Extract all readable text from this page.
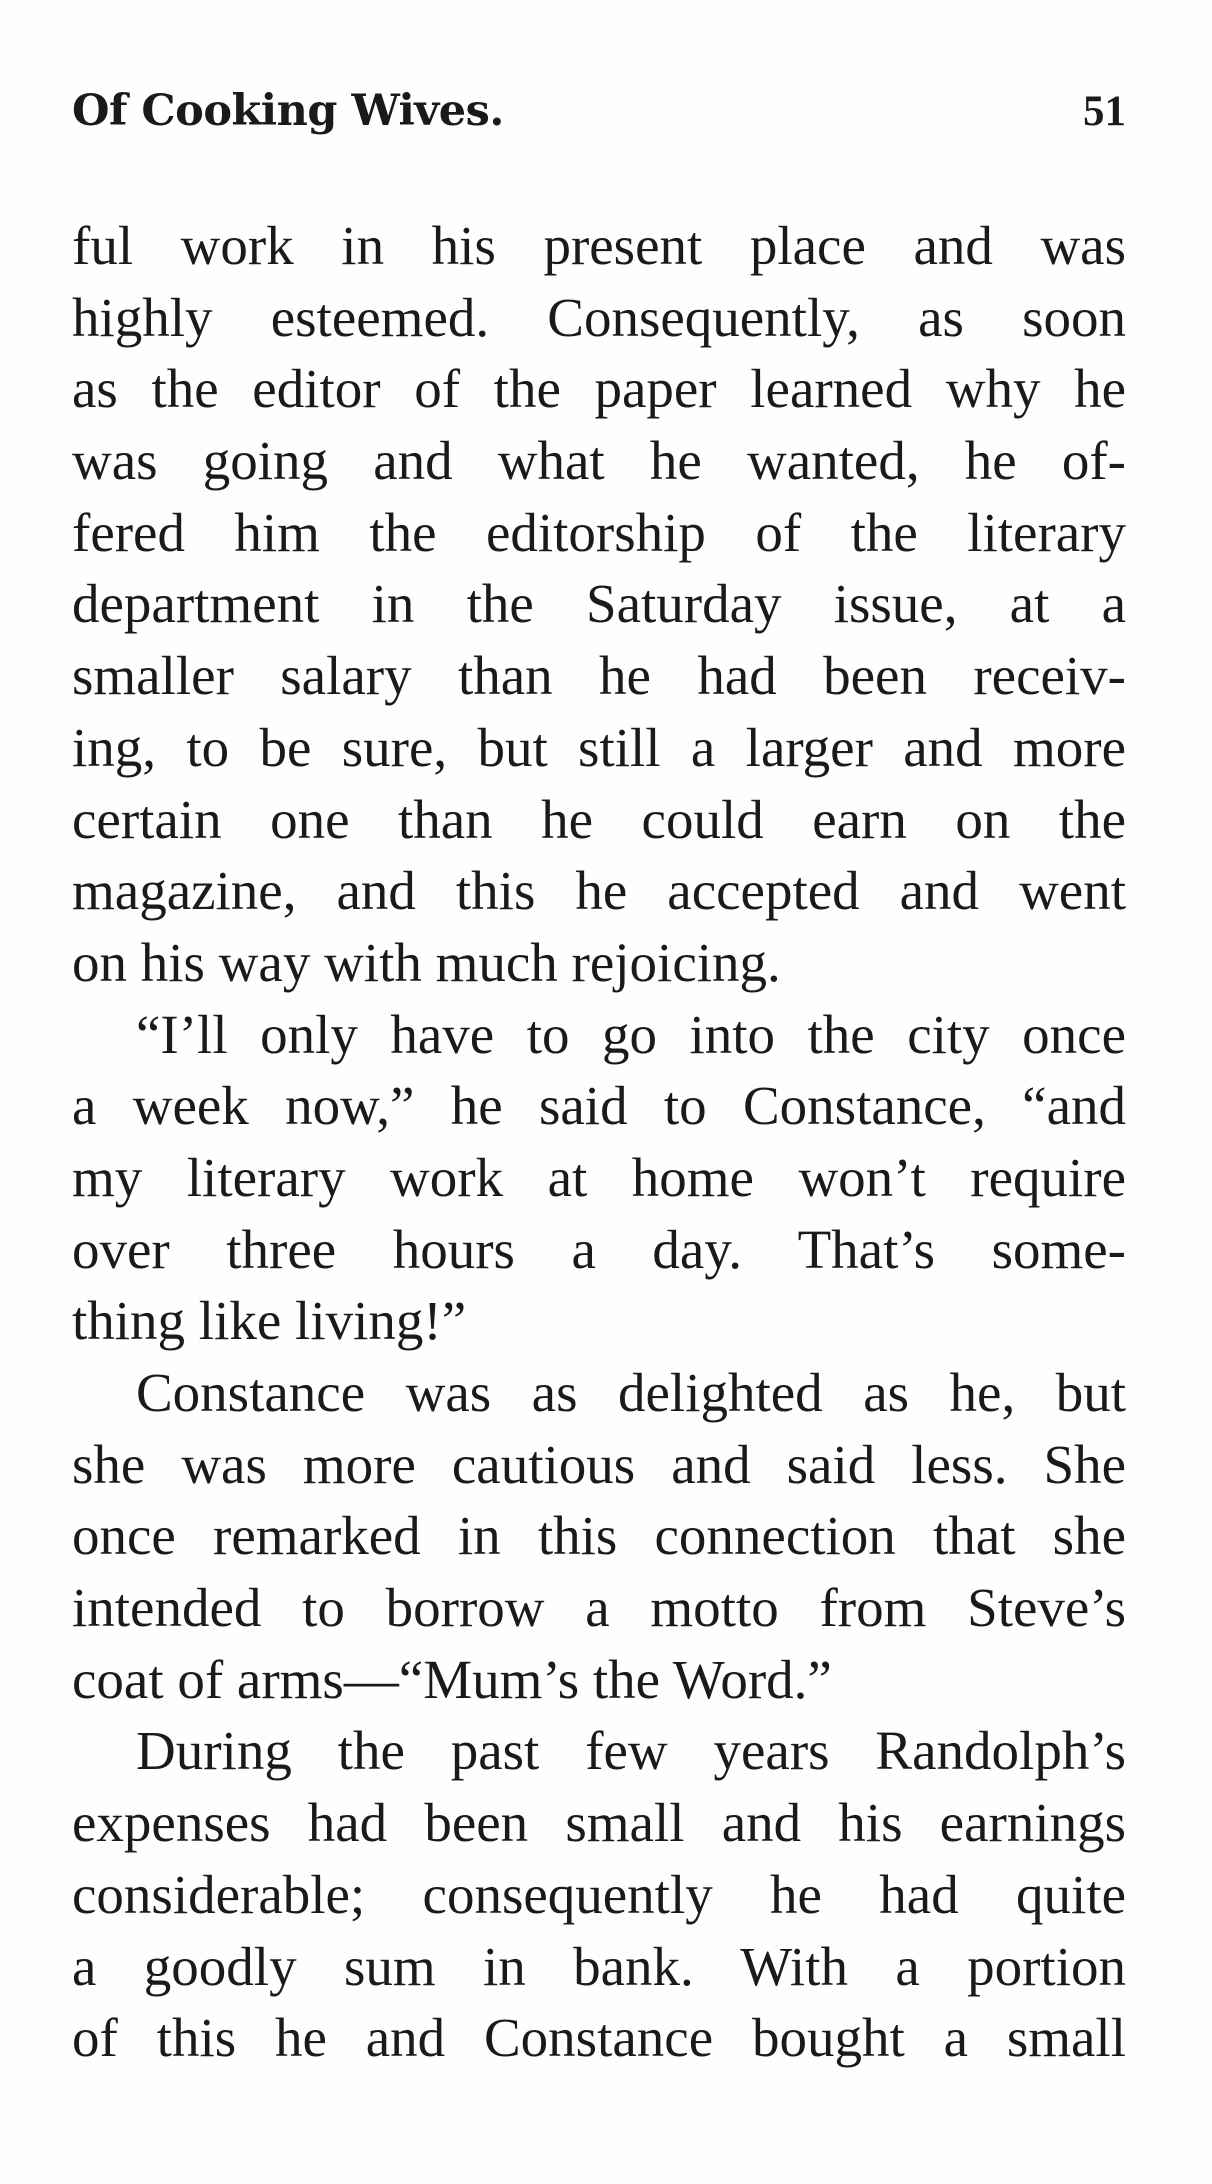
Of Cooking Wives.	51
ful work in his present place and was
highly esteemed. Consequently, as soon
as the editor of the paper learned why he
was going and what he wanted, he of-
fered him the editorship of the literary
department in the Saturday issue, at a
smaller salary than he had been receiv-
ing, to be sure, but still a larger and more
certain one than he could earn on the
magazine, and this he accepted and went
on his way with much rejoicing.
“I’ll only have to go into the city once
a week now,” he said to Constance, “and
my literary work at home won’t require
over three hours a day. That’s some-
thing like living!”
Constance was as delighted as he, but
she was more cautious and said less. She
once remarked in this connection that she
intended to borrow a motto from Steve’s
coat of arms—“Mum’s the Word.”
During the past few years Randolph’s
expenses had been small and his earnings
considerable; consequently he had quite
a goodly sum in bank. With a portion
of this he and Constance bought a small
